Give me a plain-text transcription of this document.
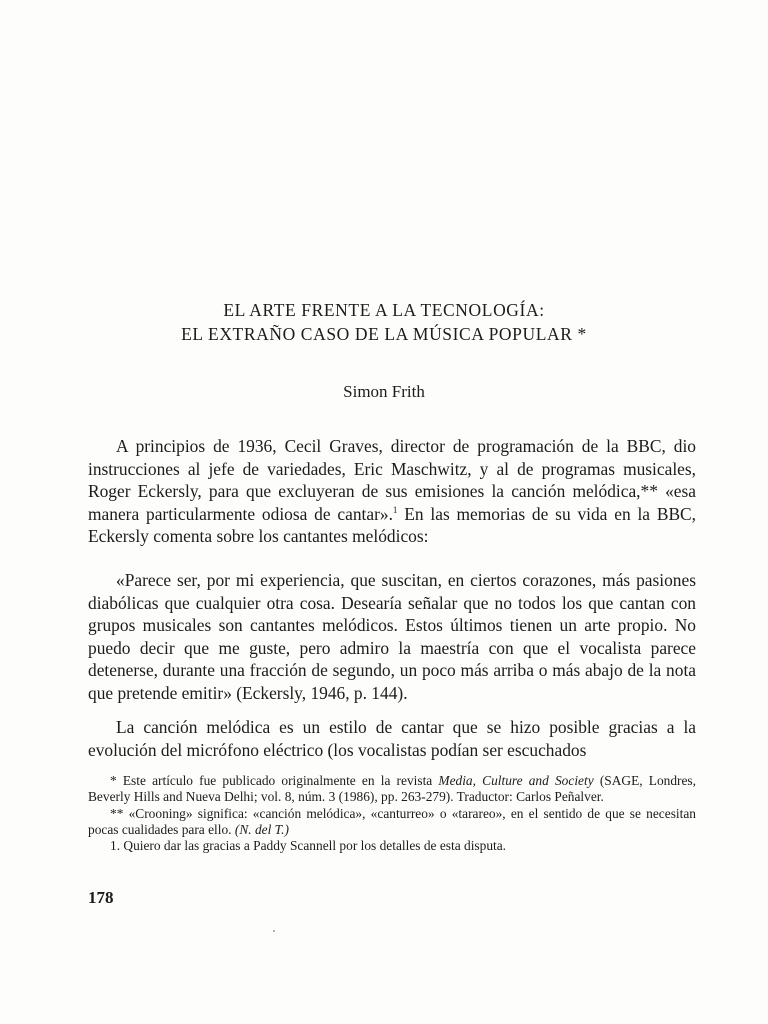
EL ARTE FRENTE A LA TECNOLOGÍA:
EL EXTRAÑO CASO DE LA MÚSICA POPULAR *
Simon Frith

A principios de 1936, Cecil Graves, director de programación de la BBC, dio instrucciones al jefe de variedades, Eric Maschwitz, y al de programas musicales, Roger Eckersly, para que excluyeran de sus emisiones la canción melódica,** «esa manera particularmente odiosa de cantar».$^1$ En las memorias de su vida en la BBC, Eckersly comenta sobre los cantantes melódicos:

«Parece ser, por mi experiencia, que suscitan, en ciertos corazones, más pasiones diabólicas que cualquier otra cosa. Desearía señalar que no todos los que cantan con grupos musicales son cantantes melódicos. Estos últimos tienen un arte propio. No puedo decir que me guste, pero admiro la maestría con que el vocalista parece detenerse, durante una fracción de segundo, un poco más arriba o más abajo de la nota que pretende emitir» (Eckersly, 1946, p. 144).

La canción melódica es un estilo de cantar que se hizo posible gracias a la evolución del micrófono eléctrico (los vocalistas podían ser escuchados

* Este artículo fue publicado originalmente en la revista Media, Culture and Society (SAGE, Londres, Beverly Hills and Nueva Delhi; vol. 8, núm. 3 (1986), pp. 263-279). Traductor: Carlos Peñalver.

** «Crooning» significa: «canción melódica», «canturreo» o «tarareo», en el sentido de que se necesitan pocas cualidades para ello. (N. del T.)

1. Quiero dar las gracias a Paddy Scannell por los detalles de esta disputa.

178
